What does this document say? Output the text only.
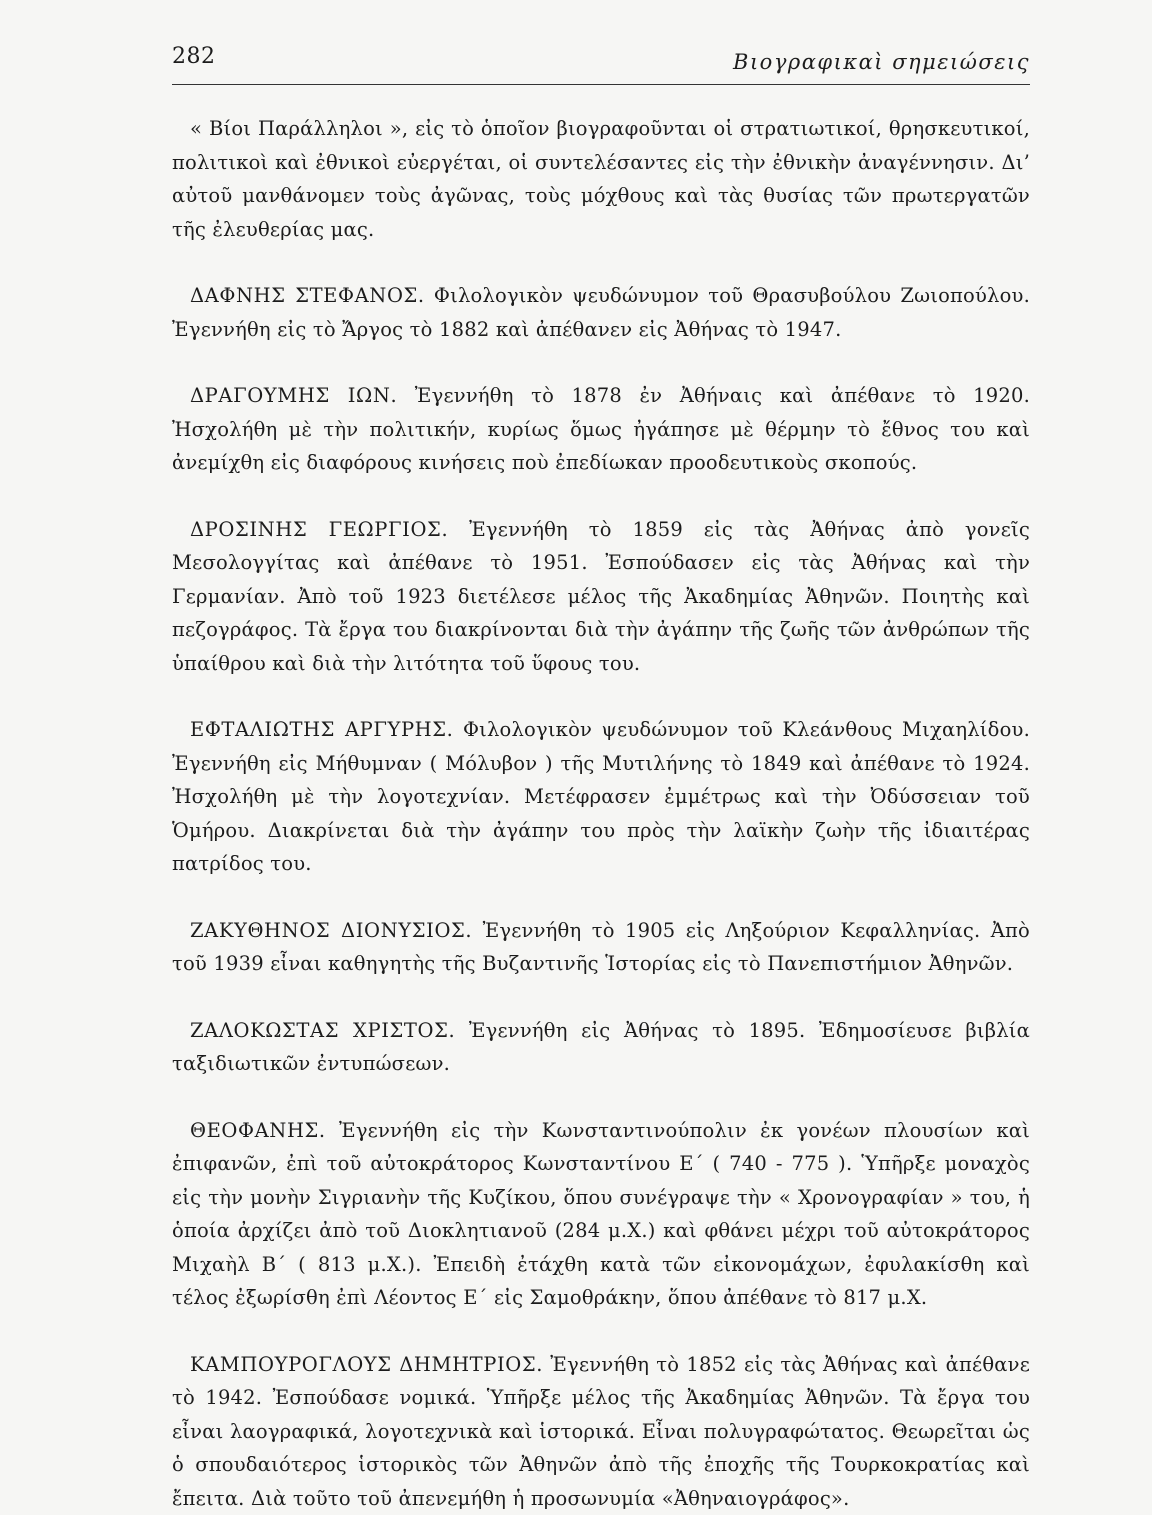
282	Βιογραφικαὶ σημειώσεις

« Βίοι Παράλληλοι », εἰς τὸ ὁποῖον βιογραφοῦνται οἱ στρατιωτικοί, θρησκευτικοί, πολιτικοὶ καὶ ἐθνικοὶ εὐεργέται, οἱ συντελέσαντες εἰς τὴν ἐθνικὴν ἀναγέννησιν. Δι’ αὐτοῦ μανθάνομεν τοὺς ἀγῶνας, τοὺς μόχθους καὶ τὰς θυσίας τῶν πρωτεργατῶν τῆς ἐλευθερίας μας.

ΔΑΦΝΗΣ ΣΤΕΦΑΝΟΣ. Φιλολογικὸν ψευδώνυμον τοῦ Θρασυβούλου Ζωιοπούλου. Ἐγεννήθη εἰς τὸ Ἄργος τὸ 1882 καὶ ἀπέθανεν εἰς Ἀθήνας τὸ 1947.

ΔΡΑΓΟΥΜΗΣ ΙΩΝ. Ἐγεννήθη τὸ 1878 ἐν Ἀθήναις καὶ ἀπέθανε τὸ 1920. Ἠσχολήθη μὲ τὴν πολιτικήν, κυρίως ὅμως ἠγάπησε μὲ θέρμην τὸ ἔθνος του καὶ ἀνεμίχθη εἰς διαφόρους κινήσεις ποὺ ἐπεδίωκαν προοδευτικοὺς σκοπούς.

ΔΡΟΣΙΝΗΣ ΓΕΩΡΓΙΟΣ. Ἐγεννήθη τὸ 1859 εἰς τὰς Ἀθήνας ἀπὸ γονεῖς Μεσολογγίτας καὶ ἀπέθανε τὸ 1951. Ἐσπούδασεν εἰς τὰς Ἀθήνας καὶ τὴν Γερμανίαν. Ἀπὸ τοῦ 1923 διετέλεσε μέλος τῆς Ἀκαδημίας Ἀθηνῶν. Ποιητὴς καὶ πεζογράφος. Τὰ ἔργα του διακρίνονται διὰ τὴν ἀγάπην τῆς ζωῆς τῶν ἀνθρώπων τῆς ὑπαίθρου καὶ διὰ τὴν λιτότητα τοῦ ὕφους του.

ΕΦΤΑΛΙΩΤΗΣ ΑΡΓΥΡΗΣ. Φιλολογικὸν ψευδώνυμον τοῦ Κλεάνθους Μιχαηλίδου. Ἐγεννήθη εἰς Μήθυμναν ( Μόλυβον ) τῆς Μυτιλήνης τὸ 1849 καὶ ἀπέθανε τὸ 1924. Ἠσχολήθη μὲ τὴν λογοτεχνίαν. Μετέφρασεν ἐμμέτρως καὶ τὴν Ὀδύσσειαν τοῦ Ὁμήρου. Διακρίνεται διὰ τὴν ἀγάπην του πρὸς τὴν λαϊκὴν ζωὴν τῆς ἰδιαιτέρας πατρίδος του.

ΖΑΚΥΘΗΝΟΣ ΔΙΟΝΥΣΙΟΣ. Ἐγεννήθη τὸ 1905 εἰς Ληξούριον Κεφαλληνίας. Ἀπὸ τοῦ 1939 εἶναι καθηγητὴς τῆς Βυζαντινῆς Ἱστορίας εἰς τὸ Πανεπιστήμιον Ἀθηνῶν.

ΖΑΛΟΚΩΣΤΑΣ ΧΡΙΣΤΟΣ. Ἐγεννήθη εἰς Ἀθήνας τὸ 1895. Ἐδημοσίευσε βιβλία ταξιδιωτικῶν ἐντυπώσεων.

ΘΕΟΦΑΝΗΣ. Ἐγεννήθη εἰς τὴν Κωνσταντινούπολιν ἐκ γονέων πλουσίων καὶ ἐπιφανῶν, ἐπὶ τοῦ αὐτοκράτορος Κωνσταντίνου Ε΄ ( 740 - 775 ). Ὑπῆρξε μοναχὸς εἰς τὴν μονὴν Σιγριανὴν τῆς Κυζίκου, ὅπου συνέγραψε τὴν « Χρονογραφίαν » του, ἡ ὁποία ἀρχίζει ἀπὸ τοῦ Διοκλητιανοῦ (284 μ.Χ.) καὶ φθάνει μέχρι τοῦ αὐτοκράτορος Μιχαὴλ Β΄ ( 813 μ.Χ.). Ἐπειδὴ ἐτάχθη κατὰ τῶν εἰκονομάχων, ἐφυλακίσθη καὶ τέλος ἐξωρίσθη ἐπὶ Λέοντος Ε΄ εἰς Σαμοθράκην, ὅπου ἀπέθανε τὸ 817 μ.Χ.

ΚΑΜΠΟΥΡΟΓΛΟΥΣ ΔΗΜΗΤΡΙΟΣ. Ἐγεννήθη τὸ 1852 εἰς τὰς Ἀθήνας καὶ ἀπέθανε τὸ 1942. Ἐσπούδασε νομικά. Ὑπῆρξε μέλος τῆς Ἀκαδημίας Ἀθηνῶν. Τὰ ἔργα του εἶναι λαογραφικά, λογοτεχνικὰ καὶ ἱστορικά. Εἶναι πολυγραφώτατος. Θεωρεῖται ὡς ὁ σπουδαιότερος ἱστορικὸς τῶν Ἀθηνῶν ἀπὸ τῆς ἐποχῆς τῆς Τουρκοκρατίας καὶ ἔπειτα. Διὰ τοῦτο τοῦ ἀπενεμήθη ἡ προσωνυμία «Ἀθηναιογράφος».
